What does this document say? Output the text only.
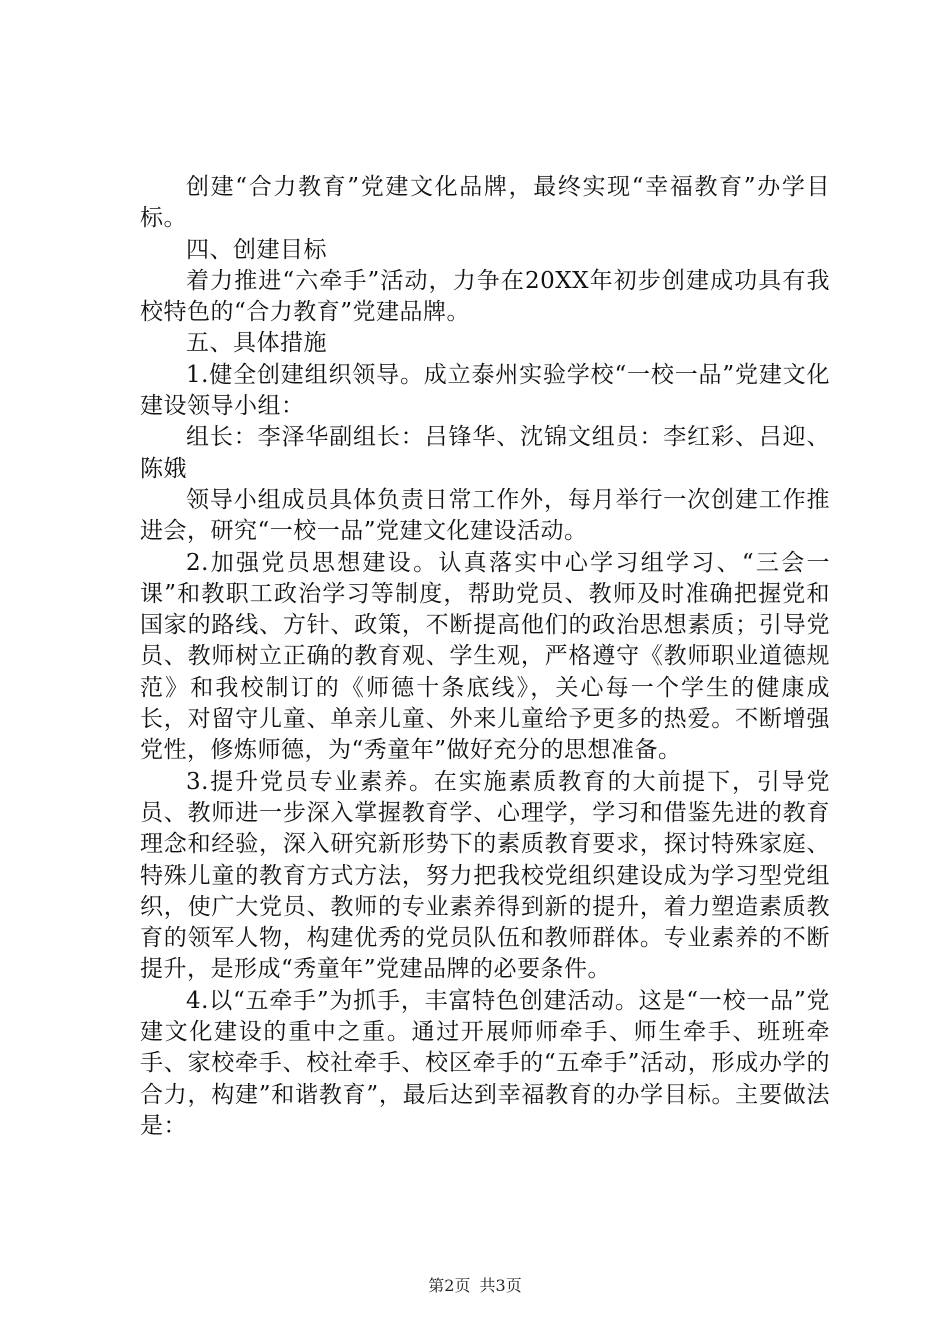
创建“合力教育”党建文化品牌，最终实现“幸福教育”办学目标。

四、创建目标

着力推进“六牵手”活动，力争在20XX年初步创建成功具有我校特色的“合力教育”党建品牌。

五、具体措施

1.健全创建组织领导。成立泰州实验学校“一校一品”党建文化建设领导小组：

组长：李泽华副组长：吕锋华、沈锦文组员：李红彩、吕迎、陈娥

领导小组成员具体负责日常工作外，每月举行一次创建工作推进会，研究“一校一品”党建文化建设活动。

2.加强党员思想建设。认真落实中心学习组学习、“三会一课”和教职工政治学习等制度，帮助党员、教师及时准确把握党和国家的路线、方针、政策，不断提高他们的政治思想素质；引导党员、教师树立正确的教育观、学生观，严格遵守《教师职业道德规范》和我校制订的《师德十条底线》，关心每一个学生的健康成长，对留守儿童、单亲儿童、外来儿童给予更多的热爱。不断增强党性，修炼师德，为“秀童年”做好充分的思想准备。

3.提升党员专业素养。在实施素质教育的大前提下，引导党员、教师进一步深入掌握教育学、心理学，学习和借鉴先进的教育理念和经验，深入研究新形势下的素质教育要求，探讨特殊家庭、特殊儿童的教育方式方法，努力把我校党组织建设成为学习型党组织，使广大党员、教师的专业素养得到新的提升，着力塑造素质教育的领军人物，构建优秀的党员队伍和教师群体。专业素养的不断提升，是形成“秀童年”党建品牌的必要条件。

4.以“五牵手”为抓手，丰富特色创建活动。这是“一校一品”党建文化建设的重中之重。通过开展师师牵手、师生牵手、班班牵手、家校牵手、校社牵手、校区牵手的“五牵手”活动，形成办学的合力，构建”和谐教育”，最后达到幸福教育的办学目标。主要做法是：

第2页 共3页
